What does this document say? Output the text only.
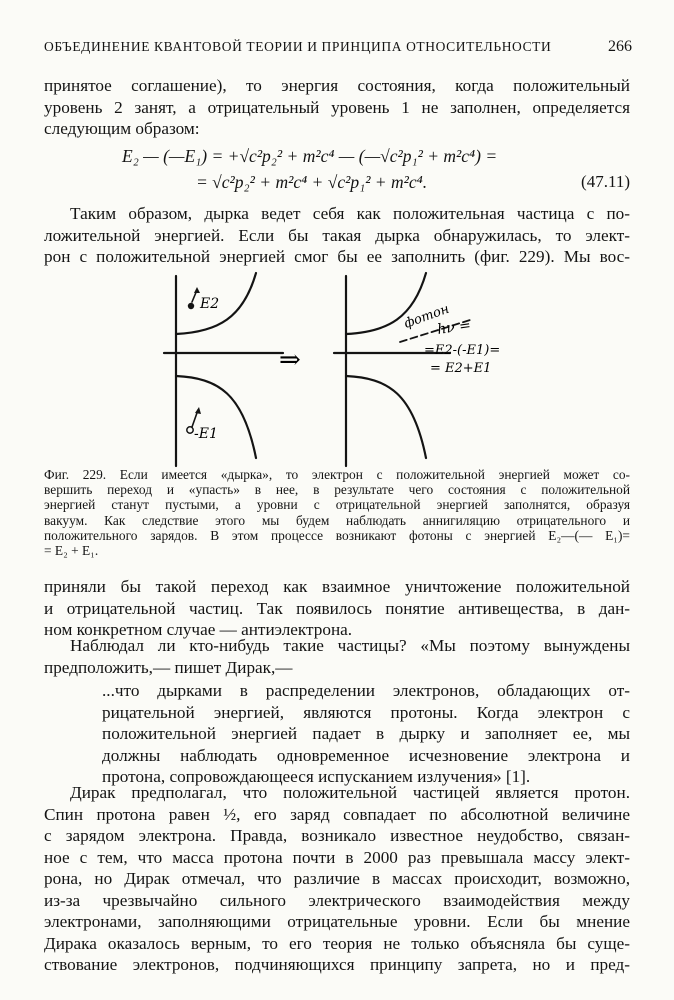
ОБЪЕДИНЕНИЕ КВАНТОВОЙ ТЕОРИИ И ПРИНЦИПА ОТНОСИТЕЛЬНОСТИ	266
принятое соглашение), то энергия состояния, когда положительный
уровень 2 занят, а отрицательный уровень 1 не заполнен, определяется
следующим образом:
E₂ — (—E₁) = +√c²p₂² + m²c⁴ — (—√c²p₁² + m²c⁴) =
= √c²p₂² + m²c⁴ + √c²p₁² + m²c⁴.	(47.11)
Таким образом, дырка ведет себя как положительная частица с по-
ложительной энергией. Если бы такая дырка обнаружилась, то элект-
рон с положительной энергией смог бы ее заполнить (фиг. 229). Мы вос-
⇒
E2
-E1
фотон
hν =
=E2-(-E1)=
= E2+E1
Фиг. 229. Если имеется «дырка», то электрон с положительной энергией может со-
вершить переход и «упасть» в нее, в результате чего состояния с положительной
энергией станут пустыми, а уровни с отрицательной энергией заполнятся, образуя
вакуум. Как следствие этого мы будем наблюдать аннигиляцию отрицательного и
положительного зарядов. В этом процессе возникают фотоны с энергией E₂—(— E₁)=
= E₂ + E₁.
приняли бы такой переход как взаимное уничтожение положительной
и отрицательной частиц. Так появилось понятие антивещества, в дан-
ном конкретном случае — антиэлектрона.
Наблюдал ли кто-нибудь такие частицы? «Мы поэтому вынуждены
предположить,— пишет Дирак,—
...что дырками в распределении электронов, обладающих от-
рицательной энергией, являются протоны. Когда электрон с
положительной энергией падает в дырку и заполняет ее, мы
должны наблюдать одновременное исчезновение электрона и
протона, сопровождающееся испусканием излучения» [1].
Дирак предполагал, что положительной частицей является протон.
Спин протона равен ½, его заряд совпадает по абсолютной величине
с зарядом электрона. Правда, возникало известное неудобство, связан-
ное с тем, что масса протона почти в 2000 раз превышала массу элект-
рона, но Дирак отмечал, что различие в массах происходит, возможно,
из-за чрезвычайно сильного электрического взаимодействия между
электронами, заполняющими отрицательные уровни. Если бы мнение
Дирака оказалось верным, то его теория не только объясняла бы суще-
ствование электронов, подчиняющихся принципу запрета, но и пред-
